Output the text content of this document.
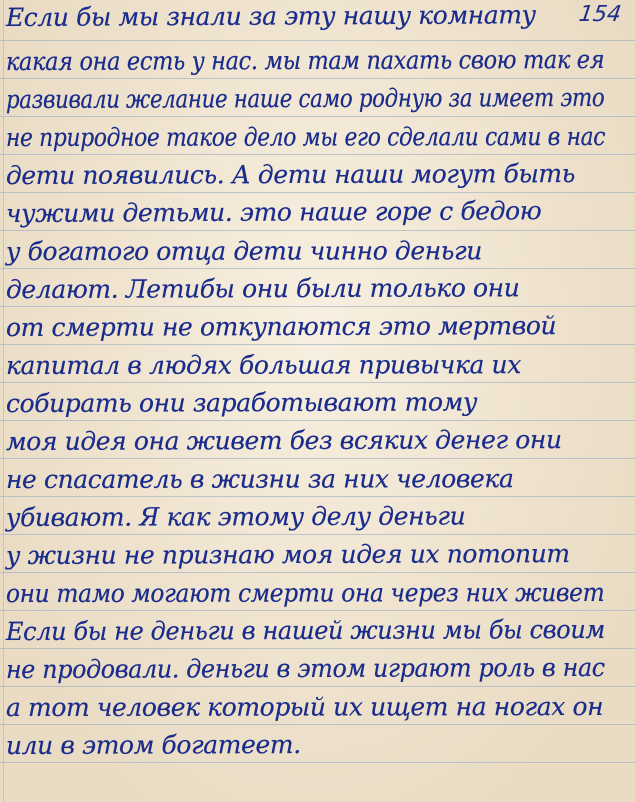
154
Если бы мы знали за эту нашу комнату
какая она есть у нас. мы там пахать свою так ея
развивали желание наше само родную за имеет это
не природное такое дело мы его сделали сами в нас
дети появились. А дети наши могут быть
чужими детьми. это наше горе с бедою
у богатого отца дети чинно деньги
делают. Летибы они были только они
от смерти не откупаются это мертвой
капитал в людях большая привычка их
собирать они заработывают тому
моя идея она живет без всяких денег они
не спасатель в жизни за них человека
убивают. Я как этому делу деньги
у жизни не признаю моя идея их потопит
они тамо могают смерти она через них живет
Если бы не деньги в нашей жизни мы бы своим
не продовали. деньги в этом играют роль в нас
а тот человек который их ищет на ногах он
или в этом богатеет.
